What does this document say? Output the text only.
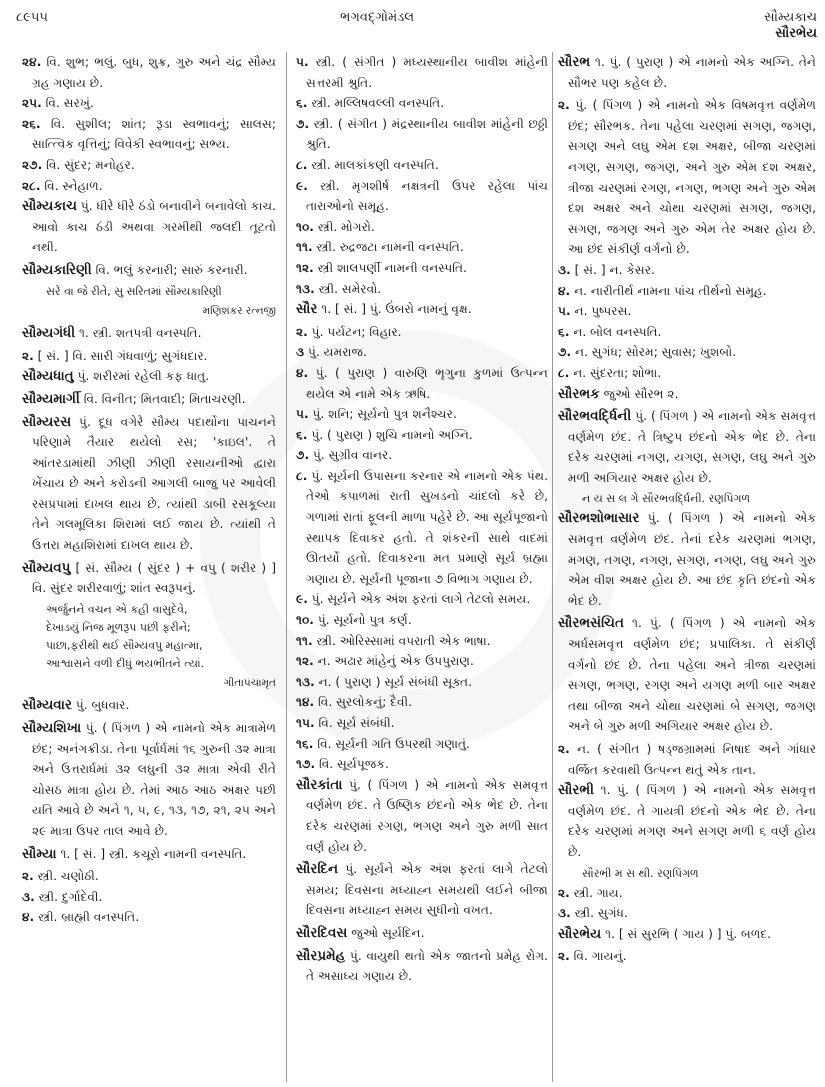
૮૯૫૫	ભગવદ્ગોમંડલ	સૌમ્યકાચ
સૌરભેય

૨૪. વિ. શુભ; ભલું. બુધ, શુક્ર, ગુરુ અને ચંદ્ર સૌમ્ય ગ્રહ ગણાય છે.

૨૫. વિ. સરખું.

૨૬. વિ. સુશીલ; શાંત; રૂડા સ્વભાવનું; સાલસ; સાત્ત્વિક વૃત્તિનું; વિવેકી સ્વભાવનું; સભ્ય.

૨૭. વિ. સુંદર; મનોહર.

૨૮. વિ. સ્નેહાળ.

સૌમ્યકાચ પું. ધીરે ધીરે ઠંડો બનાવીને બનાવેલો કાચ. આવો કાચ ઠંડી અથવા ગરમીથી જલદી તૂટતો નથી.

સૌમ્યકારિણી વિ. ભલું કરનારી; સારું કરનારી.

સરે વા જે રીતે, સુ સરિતમાં સૌમ્યકારિણી
મણિશંકર રત્નજી

સૌમ્યગંધી ૧. સ્ત્રી. શતપત્રી વનસ્પતિ.

૨. [ સં. ] વિ. સારી ગંધવાળું; સુગંધદાર.

સૌમ્યધાતુ પું. શરીરમાં રહેલી કફ ધાતુ.

સૌમ્યમાર્ગી વિ. વિનીત; મિતવાદી; મિતાચરણી.

સૌમ્યરસ પું. દૂધ વગેરે સૌમ્ય પદાર્થોના પાચનને પરિણામે તૈયાર થયેલો રસ; 'કાઇલ'. તે આંતરડામાંથી ઝીણી ઝીણી રસાયનીઓ દ્વારા ખેંચાય છે અને કરોડની આગલી બાજુ પર આવેલી રસપ્રપામાં દાખલ થાય છે. ત્યાંથી ડાબી રસકૂલ્યા તેને ગલમૂલિકા શિરામાં લઈ જાય છે. ત્યાંથી તે ઉત્તરા મહાશિરામાં દાખલ થાય છે.

સૌમ્યવપુ [ સં. સૌમ્ય ( સુંદર ) + વપુ ( શરીર ) ] વિ. સુંદર શરીરવાળું; શાંત સ્વરૂપનું.

અર્જુનને વચન એ કહી વાસુદેવે,
દેખાડયું નિજ મૂળરૂપ પછી ફરીને;
પાછા,ફરીથી થઈ સૌમ્યવપુ મહાત્મા,
આશ્વાસને વળી દીધું ભયભીતને ત્યાં.
ગીતાપંચામૃત

સૌમ્યવાર પું. બુધવાર.

સૌમ્યશિખા પું. ( પિંગળ ) એ નામનો એક માત્રામેળ છંદ; અનંગક્રીડા. તેના પૂર્વાર્ધમાં ૧૬ ગુરુની ૩૨ માત્રા અને ઉત્તરાર્ધમાં ૩૨ લઘુની ૩૨ માત્રા એવી રીતે ચોસઠ માત્રા હોય છે. તેમાં આઠ આઠ અક્ષર પછી યતિ આવે છે અને ૧, ૫, ૯, ૧૩, ૧૭, ૨૧, ૨૫ અને ૨૯ માત્રા ઉપર તાલ આવે છે.

સૌમ્યા ૧. [ સં. ] સ્ત્રી. કચૂરો નામની વનસ્પતિ.

૨. સ્ત્રી. ચણોઠી.

૩. સ્ત્રી. દુર્ગાદેવી.

૪. સ્ત્રી. બ્રાહ્મી વનસ્પતિ.

૫. સ્ત્રી. ( સંગીત ) મધ્યસ્થાનીય બાવીશ માંહેની સત્તરમી શ્રુતિ.

૬. સ્ત્રી. મલ્લિષવલ્લી વનસ્પતિ.

૭. સ્ત્રી. ( સંગીત ) મંદ્રસ્થાનીય બાવીશ માંહેની છઠ્ઠી શ્રુતિ.

૮. સ્ત્રી. માલકાંકણી વનસ્પતિ.

૯. સ્ત્રી. મૃગશીર્ષ નક્ષત્રની ઉપર રહેલા પાંચ તારાઓનો સમૂહ.

૧૦. સ્ત્રી. મોગરો.

૧૧. સ્ત્રી. રુદ્રજટા નામની વનસ્પતિ.

૧૨. સ્ત્રી શાલપર્ણી નામની વનસ્પતિ.

૧૩. સ્ત્રી. સમેરવો.

સૌર ૧. [ સં. ] પું. ઉંબરો નામનું વૃક્ષ.

૨. પું. પર્યટન; વિહાર.

૩ પું. યમરાજ.

૪. પું. ( પુરાણ ) વારુણિ ભૃગુના કુળમાં ઉત્પન્ન થયેલ એ નામે એક ઋષિ.

૫. પું. શનિ; સૂર્યનો પુત્ર શનૈશ્ચર.

૬. પું. ( પુરાણ ) શુચિ નામનો અગ્નિ.

૭. પું. સુગ્રીવ વાનર.

૮. પું. સૂર્યની ઉપાસના કરનાર એ નામનો એક પંથ. તેઓ કપાળમાં રાતી સુખડનો ચાંદલો કરે છે, ગળામાં રાતાં ફૂલની માળા પહેરે છે. આ સૂર્યપૂજાનો સ્થાપક દિવાકર હતો. તે શંકરની સાથે વાદમાં ઊતર્યો હતો. દિવાકરના મત પ્રમાણે સૂર્ય બ્રહ્મા ગણાય છે. સૂર્યની પૂજાના ૭ વિભાગ ગણાય છે.

૯. પું. સૂર્યને એક અંશ ફરતાં લાગે તેટલો સમય.

૧૦. પું. સૂર્યનો પુત્ર કર્ણ.

૧૧. સ્ત્રી. ઓરિસ્સામાં વપરાતી એક ભાષા.

૧૨. ન. અઢાર માંહેનું એક ઉપપુરાણ.

૧૩. ન. ( પુરાણ ) સૂર્ય સંબંધી સૂક્ત.

૧૪. વિ. સુરલોકનું; દૈવી.

૧૫. વિ. સૂર્ય સંબંધી.

૧૬. વિ. સૂર્યની ગતિ ઉપરથી ગણાતું.

૧૭. વિ. સૂર્યપૂજક.

સૌરકાંતા પું. ( પિંગળ ) એ નામનો એક સમવૃત્ત વર્ણમેળ છંદ. તે ઉષ્ણિક છંદનો એક ભેદ છે. તેના દરેક ચરણમાં રગણ, ભગણ અને ગુરુ મળી સાત વર્ણ હોય છે.

સૌરદિન પું. સૂર્યને એક અંશ ફરતાં લાગે તેટલો સમય; દિવસના મધ્યાહ્ન સમયથી લઈને બીજા દિવસના મધ્યાહ્ન સમય સુધીનો વખત.

સૌરદિવસ જુઓ સૂર્યદિન.

સૌરપ્રમેહ પું. વાયુથી થતો એક જાતનો પ્રમેહ રોગ. તે અસાધ્ય ગણાય છે.

સૌરભ ૧. પું. ( પુરાણ ) એ નામનો એક અગ્નિ. તેને સૌભર પણ કહેલ છે.

૨. પું. ( પિંગળ ) એ નામનો એક વિષમવૃત્ત વર્ણમેળ છંદ; સૌરભક. તેના પહેલા ચરણમાં સગણ, જગણ, સગણ અને લઘુ એમ દશ અક્ષર, બીજા ચરણમાં નગણ, સગણ, જગણ, અને ગુરુ એમ દશ અક્ષર, ત્રીજા ચરણમાં રગણ, નગણ, ભગણ અને ગુરુ એમ દશ અક્ષર અને ચોથા ચરણમાં સગણ, જગણ, સગણ, જગણ અને ગુરુ એમ તેર અક્ષર હોય છે. આ છંદ સંકીર્ણ વર્ગનો છે.

૩. [ સં. ] ન. કેસર.

૪. ન. નારીતીર્થ નામના પાંચ તીર્થનો સમૂહ.

૫. ન. પુષ્પરસ.

૬. ન. બોલ વનસ્પતિ.

૭. ન. સુગંધ; સોરમ; સુવાસ; ખુશબો.

૮. ન. સુંદરતા; શોભા.

સૌરભક જુઓ સૌરભ ૨.

સૌરભવર્દ્ધિની પું. ( પિંગળ ) એ નામનો એક સમવૃત્ત વર્ણમેળ છંદ. તે ત્રિષ્ટુપ છંદનો એક ભેદ છે. તેના દરેક ચરણમાં નગણ, યગણ, સગણ, લઘુ અને ગુરુ મળી અગિયાર અક્ષર હોય છે.

ન ય સ લ ગે સૌરભવર્દ્ધિની. રણપિંગળ

સૌરભશોભાસાર પું. ( પિંગળ ) એ નામનો એક સમવૃત્ત વર્ણમેળ છંદ. તેનાં દરેક ચરણમાં ભગણ, મગણ, તગણ, નગણ, સગણ, નગણ, લઘુ અને ગુરુ એમ વીશ અક્ષર હોય છે. આ છંદ કૃતિ છંદનો એક ભેદ છે.

સૌરભસંચિત ૧. પું. ( પિંગળ ) એ નામનો એક અર્ધસમવૃત્ત વર્ણમેળ છંદ; પ્રપાલિકા. તે સંકીર્ણ વર્ગનો છંદ છે. તેના પહેલા અને ત્રીજા ચરણમાં સગણ, ભગણ, રગણ અને યગણ મળી બાર અક્ષર તથા બીજા અને ચોથા ચરણમાં બે સગણ, જગણ અને બે ગુરુ મળી અગિયાર અક્ષર હોય છે.

૨. ન. ( સંગીત ) ષડ્જગ્રામમાં નિષાદ અને ગાંધાર વર્જિત કરવાથી ઉત્પન્ન થતું એક તાન.

સૌરભી ૧. પું. ( પિંગળ ) એ નામનો એક સમવૃત્ત વર્ણમેળ છંદ. તે ગાયત્રી છંદનો એક ભેદ છે. તેના દરેક ચરણમાં મગણ અને સગણ મળી ૬ વર્ણ હોય છે.

સૌરભી મ સ થી. રણપિંગળ

૨. સ્ત્રી. ગાય.

૩. સ્ત્રી. સુગંધ.

સૌરભેય ૧. [ સં સુરભિ ( ગાય ) ] પું. બળદ.

૨. વિ. ગાયનું.
